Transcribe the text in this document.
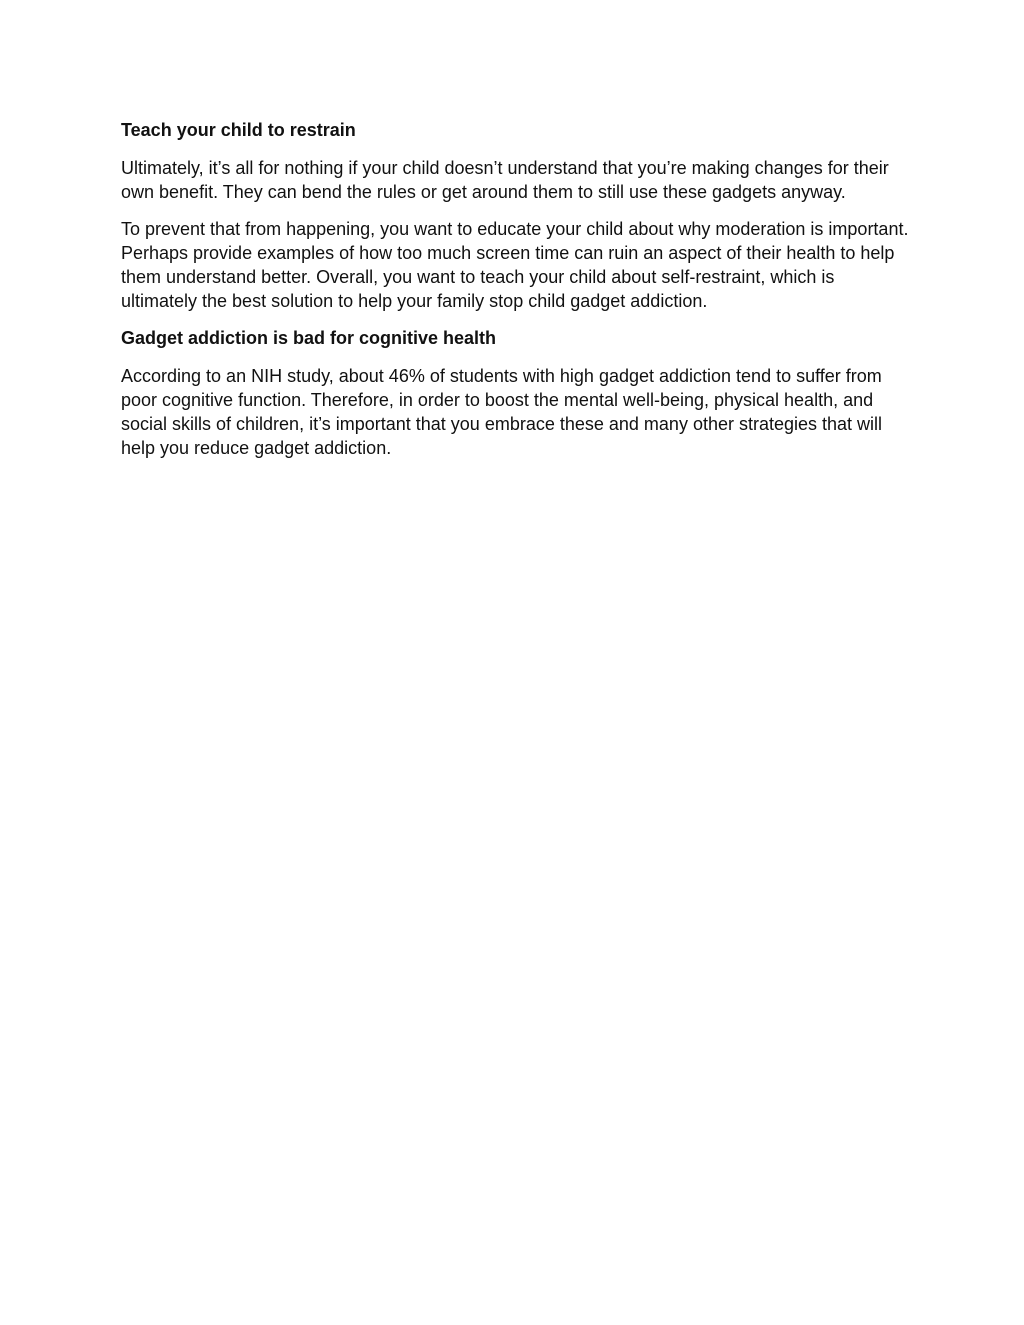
Teach your child to restrain

Ultimately, it’s all for nothing if your child doesn’t understand that you’re making changes for their own benefit. They can bend the rules or get around them to still use these gadgets anyway.

To prevent that from happening, you want to educate your child about why moderation is important. Perhaps provide examples of how too much screen time can ruin an aspect of their health to help them understand better. Overall, you want to teach your child about self-restraint, which is ultimately the best solution to help your family stop child gadget addiction.

Gadget addiction is bad for cognitive health

According to an NIH study, about 46% of students with high gadget addiction tend to suffer from poor cognitive function. Therefore, in order to boost the mental well-being, physical health, and social skills of children, it’s important that you embrace these and many other strategies that will help you reduce gadget addiction.
